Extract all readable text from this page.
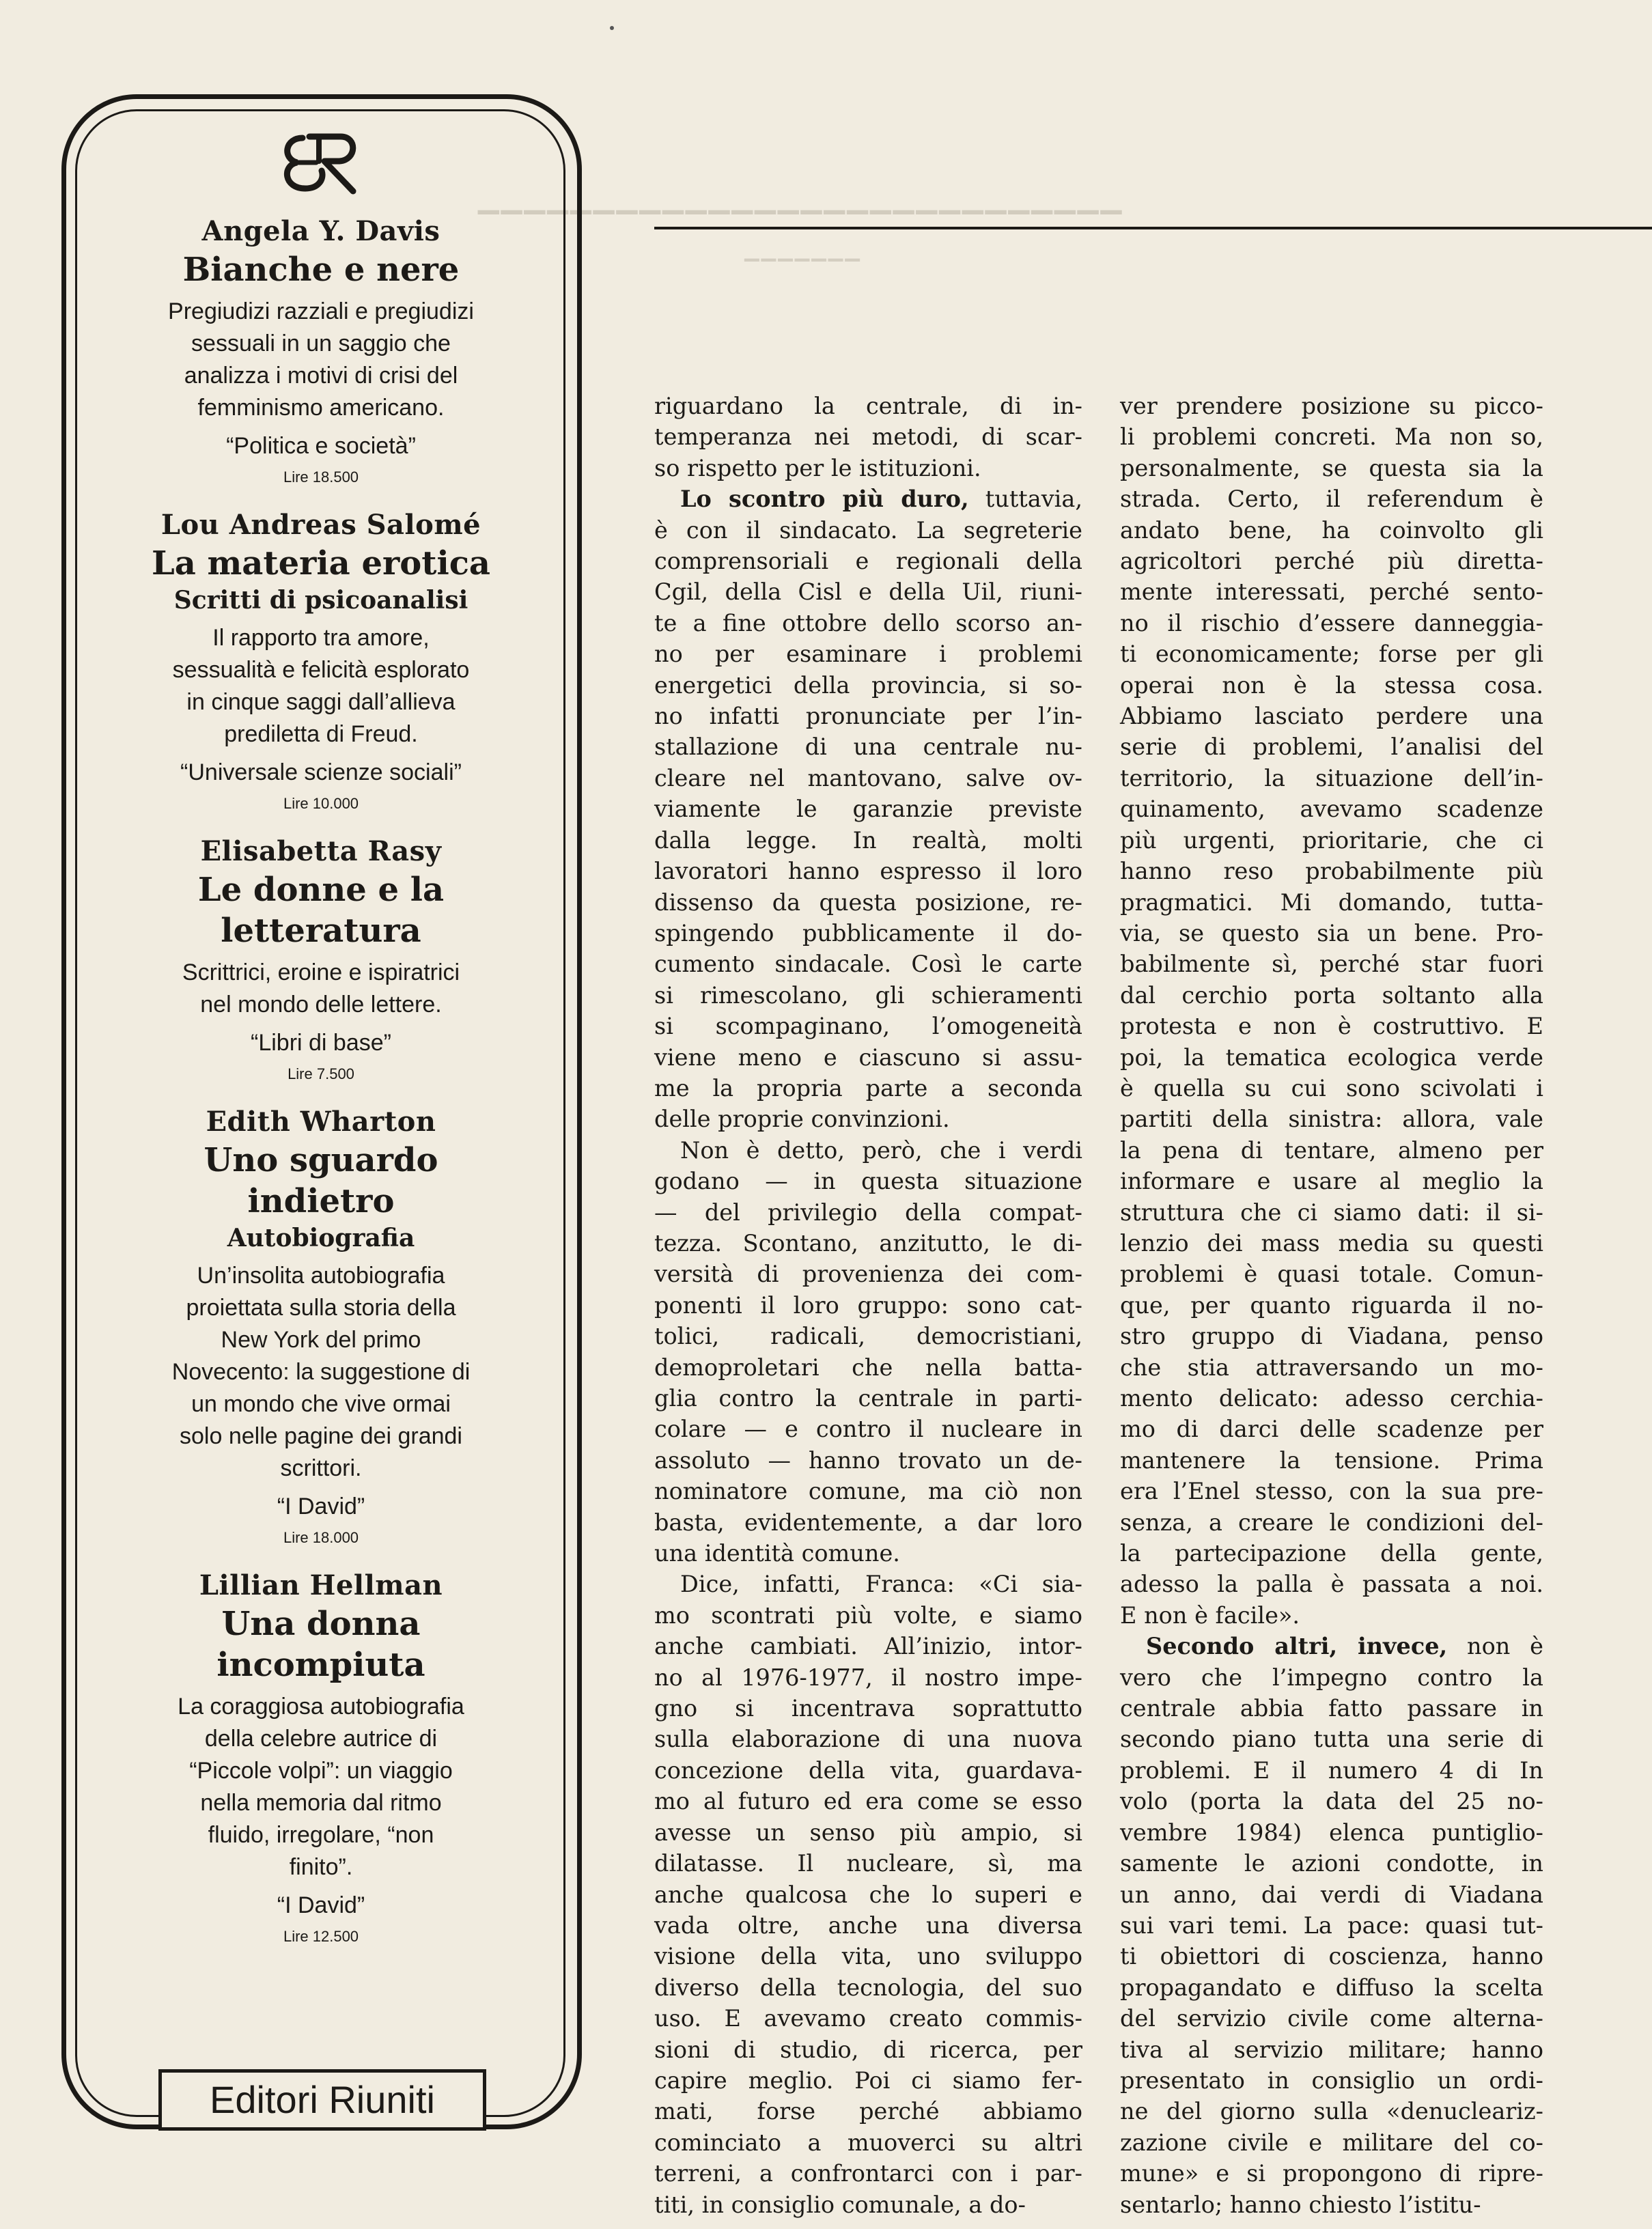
▁▁▁▁▁▁▁▁▁▁▁▁▁▁▁▁▁▁▁▁▁▁▁▁▁▁▁▁
▁▁▁▁▁▁▁
Angela Y. Davis
Bianche e nere
Pregiudizi razziali e pregiudizi
sessuali in un saggio che
analizza i motivi di crisi del
femminismo americano.
“Politica e società”
Lire 18.500
Lou Andreas Salomé
La materia erotica
Scritti di psicoanalisi
Il rapporto tra amore,
sessualità e felicità esplorato
in cinque saggi dall’allieva
prediletta di Freud.
“Universale scienze sociali”
Lire 10.000
Elisabetta Rasy
Le donne e la
letteratura
Scrittrici, eroine e ispiratrici
nel mondo delle lettere.
“Libri di base”
Lire 7.500
Edith Wharton
Uno sguardo
indietro
Autobiografia
Un’insolita autobiografia
proiettata sulla storia della
New York del primo
Novecento: la suggestione di
un mondo che vive ormai
solo nelle pagine dei grandi
scrittori.
“I David”
Lire 18.000
Lillian Hellman
Una donna
incompiuta
La coraggiosa autobiografia
della celebre autrice di
“Piccole volpi”: un viaggio
nella memoria dal ritmo
fluido, irregolare, “non
finito”.
“I David”
Lire 12.500
Editori Riuniti
riguardano la centrale, di in-
temperanza nei metodi, di scar-
so rispetto per le istituzioni.
Lo scontro più duro, tuttavia,
è con il sindacato. La segreterie
comprensoriali e regionali della
Cgil, della Cisl e della Uil, riuni-
te a fine ottobre dello scorso an-
no per esaminare i problemi
energetici della provincia, si so-
no infatti pronunciate per l’in-
stallazione di una centrale nu-
cleare nel mantovano, salve ov-
viamente le garanzie previste
dalla legge. In realtà, molti
lavoratori hanno espresso il loro
dissenso da questa posizione, re-
spingendo pubblicamente il do-
cumento sindacale. Così le carte
si rimescolano, gli schieramenti
si scompaginano, l’omogeneità
viene meno e ciascuno si assu-
me la propria parte a seconda
delle proprie convinzioni.
Non è detto, però, che i verdi
godano — in questa situazione
— del privilegio della compat-
tezza. Scontano, anzitutto, le di-
versità di provenienza dei com-
ponenti il loro gruppo: sono cat-
tolici, radicali, democristiani,
demoproletari che nella batta-
glia contro la centrale in parti-
colare — e contro il nucleare in
assoluto — hanno trovato un de-
nominatore comune, ma ciò non
basta, evidentemente, a dar loro
una identità comune.
Dice, infatti, Franca: «Ci sia-
mo scontrati più volte, e siamo
anche cambiati. All’inizio, intor-
no al 1976-1977, il nostro impe-
gno si incentrava soprattutto
sulla elaborazione di una nuova
concezione della vita, guardava-
mo al futuro ed era come se esso
avesse un senso più ampio, si
dilatasse. Il nucleare, sì, ma
anche qualcosa che lo superi e
vada oltre, anche una diversa
visione della vita, uno sviluppo
diverso della tecnologia, del suo
uso. E avevamo creato commis-
sioni di studio, di ricerca, per
capire meglio. Poi ci siamo fer-
mati, forse perché abbiamo
cominciato a muoverci su altri
terreni, a confrontarci con i par-
titi, in consiglio comunale, a do-
ver prendere posizione su picco-
li problemi concreti. Ma non so,
personalmente, se questa sia la
strada. Certo, il referendum è
andato bene, ha coinvolto gli
agricoltori perché più diretta-
mente interessati, perché sento-
no il rischio d’essere danneggia-
ti economicamente; forse per gli
operai non è la stessa cosa.
Abbiamo lasciato perdere una
serie di problemi, l’analisi del
territorio, la situazione dell’in-
quinamento, avevamo scadenze
più urgenti, prioritarie, che ci
hanno reso probabilmente più
pragmatici. Mi domando, tutta-
via, se questo sia un bene. Pro-
babilmente sì, perché star fuori
dal cerchio porta soltanto alla
protesta e non è costruttivo. E
poi, la tematica ecologica verde
è quella su cui sono scivolati i
partiti della sinistra: allora, vale
la pena di tentare, almeno per
informare e usare al meglio la
struttura che ci siamo dati: il si-
lenzio dei mass media su questi
problemi è quasi totale. Comun-
que, per quanto riguarda il no-
stro gruppo di Viadana, penso
che stia attraversando un mo-
mento delicato: adesso cerchia-
mo di darci delle scadenze per
mantenere la tensione. Prima
era l’Enel stesso, con la sua pre-
senza, a creare le condizioni del-
la partecipazione della gente,
adesso la palla è passata a noi.
E non è facile».
Secondo altri, invece, non è
vero che l’impegno contro la
centrale abbia fatto passare in
secondo piano tutta una serie di
problemi. E il numero 4 di In
volo (porta la data del 25 no-
vembre 1984) elenca puntiglio-
samente le azioni condotte, in
un anno, dai verdi di Viadana
sui vari temi. La pace: quasi tut-
ti obiettori di coscienza, hanno
propagandato e diffuso la scelta
del servizio civile come alterna-
tiva al servizio militare; hanno
presentato in consiglio un ordi-
ne del giorno sulla «denucleariz-
zazione civile e militare del co-
mune» e si propongono di ripre-
sentarlo; hanno chiesto l’istitu-
